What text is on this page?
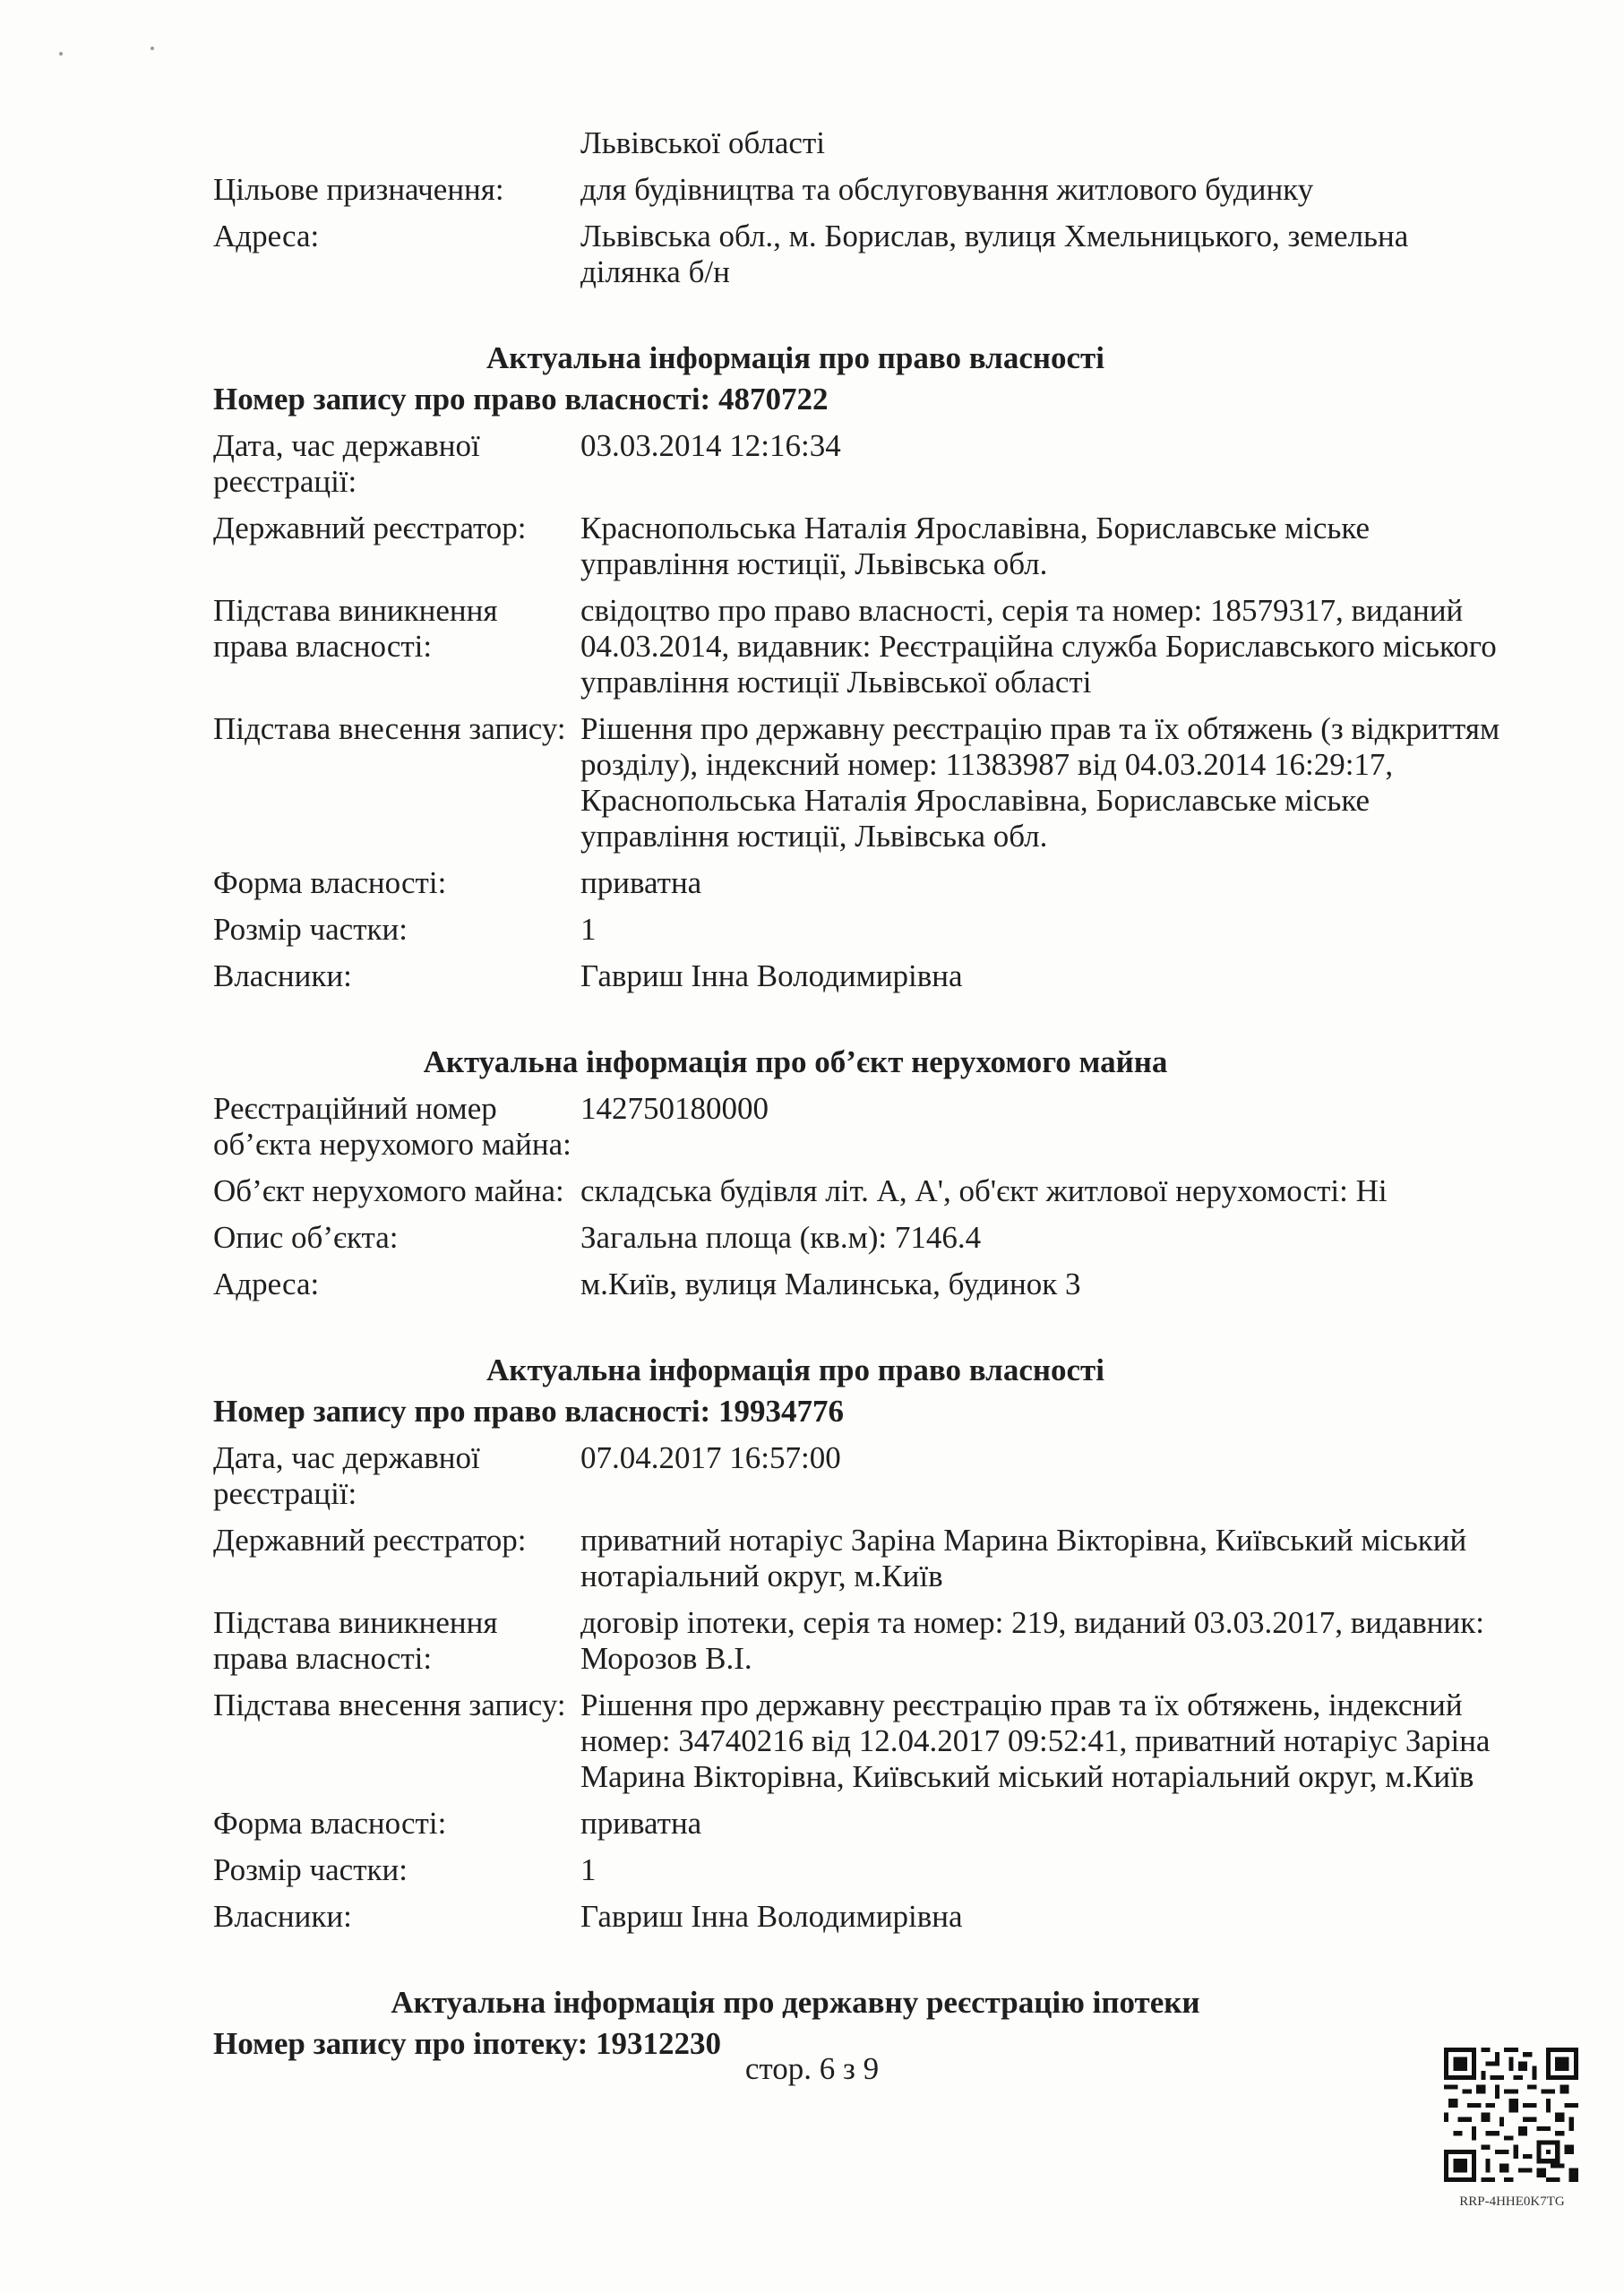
Львівської області
Цільове призначення:	для будівництва та обслуговування житлового будинку
Адреса:	Львівська обл., м. Борислав, вулиця Хмельницького, земельна ділянка б/н
Актуальна інформація про право власності
Номер запису про право власності: 4870722
Дата, час державної реєстрації:
03.03.2014 12:16:34
Державний реєстратор:	Краснопольська Наталія Ярославівна, Бориславське міське управління юстиції, Львівська обл.
Підстава виникнення права власності:
свідоцтво про право власності, серія та номер: 18579317, виданий 04.03.2014, видавник: Реєстраційна служба Бориславського міського управління юстиції Львівської області
Підстава внесення запису: Рішення про державну реєстрацію прав та їх обтяжень (з відкриттям розділу), індексний номер: 11383987 від 04.03.2014 16:29:17, Краснопольська Наталія Ярославівна, Бориславське міське управління юстиції, Львівська обл.
Форма власності:	приватна
Розмір частки:	1
Власники:	Гавриш Інна Володимирівна
Актуальна інформація про об’єкт нерухомого майна
Реєстраційний номер об’єкта нерухомого майна:
142750180000
Об’єкт нерухомого майна: складська будівля літ. А, А', об'єкт житлової нерухомості: Ні
Опис об’єкта:	Загальна площа (кв.м): 7146.4
Адреса:	м.Київ, вулиця Малинська, будинок 3
Актуальна інформація про право власності
Номер запису про право власності: 19934776
Дата, час державної реєстрації:
07.04.2017 16:57:00
Державний реєстратор:	приватний нотаріус Заріна Марина Вікторівна, Київський міський нотаріальний округ, м.Київ
Підстава виникнення права власності:
договір іпотеки, серія та номер: 219, виданий 03.03.2017, видавник: Морозов В.І.
Підстава внесення запису: Рішення про державну реєстрацію прав та їх обтяжень, індексний номер: 34740216 від 12.04.2017 09:52:41, приватний нотаріус Заріна Марина Вікторівна, Київський міський нотаріальний округ, м.Київ
Форма власності:	приватна
Розмір частки:	1
Власники:	Гавриш Інна Володимирівна
Актуальна інформація про державну реєстрацію іпотеки
Номер запису про іпотеку: 19312230
стор. 6 з 9
RRP-4HHE0K7TG
